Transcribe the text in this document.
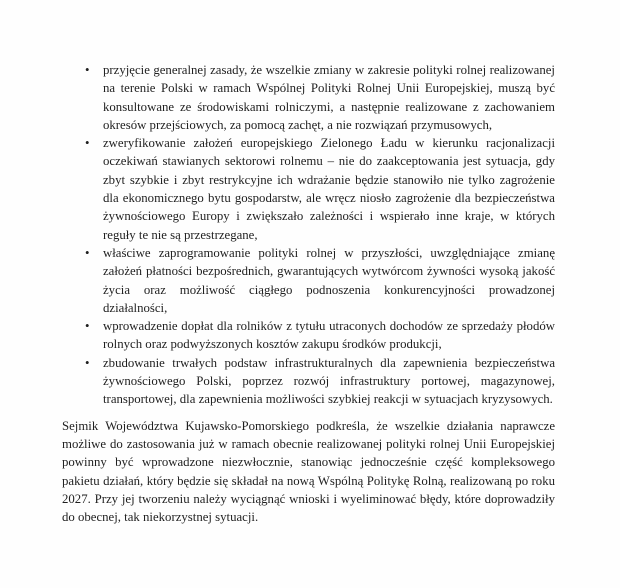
• przyjęcie generalnej zasady, że wszelkie zmiany w zakresie polityki rolnej realizowanej na terenie Polski w ramach Wspólnej Polityki Rolnej Unii Europejskiej, muszą być konsultowane ze środowiskami rolniczymi, a następnie realizowane z zachowaniem okresów przejściowych, za pomocą zachęt, a nie rozwiązań przymusowych,
• zweryfikowanie założeń europejskiego Zielonego Ładu w kierunku racjonalizacji oczekiwań stawianych sektorowi rolnemu – nie do zaakceptowania jest sytuacja, gdy zbyt szybkie i zbyt restrykcyjne ich wdrażanie będzie stanowiło nie tylko zagrożenie dla ekonomicznego bytu gospodarstw, ale wręcz niosło zagrożenie dla bezpieczeństwa żywnościowego Europy i zwiększało zależności i wspierało inne kraje, w których reguły te nie są przestrzegane,
• właściwe zaprogramowanie polityki rolnej w przyszłości, uwzględniające zmianę założeń płatności bezpośrednich, gwarantujących wytwórcom żywności wysoką jakość życia oraz możliwość ciągłego podnoszenia konkurencyjności prowadzonej działalności,
• wprowadzenie dopłat dla rolników z tytułu utraconych dochodów ze sprzedaży płodów rolnych oraz podwyższonych kosztów zakupu środków produkcji,
• zbudowanie trwałych podstaw infrastrukturalnych dla zapewnienia bezpieczeństwa żywnościowego Polski, poprzez rozwój infrastruktury portowej, magazynowej, transportowej, dla zapewnienia możliwości szybkiej reakcji w sytuacjach kryzysowych.

Sejmik Województwa Kujawsko-Pomorskiego podkreśla, że wszelkie działania naprawcze możliwe do zastosowania już w ramach obecnie realizowanej polityki rolnej Unii Europejskiej powinny być wprowadzone niezwłocznie, stanowiąc jednocześnie część kompleksowego pakietu działań, który będzie się składał na nową Wspólną Politykę Rolną, realizowaną po roku 2027. Przy jej tworzeniu należy wyciągnąć wnioski i wyeliminować błędy, które doprowadziły do obecnej, tak niekorzystnej sytuacji.
